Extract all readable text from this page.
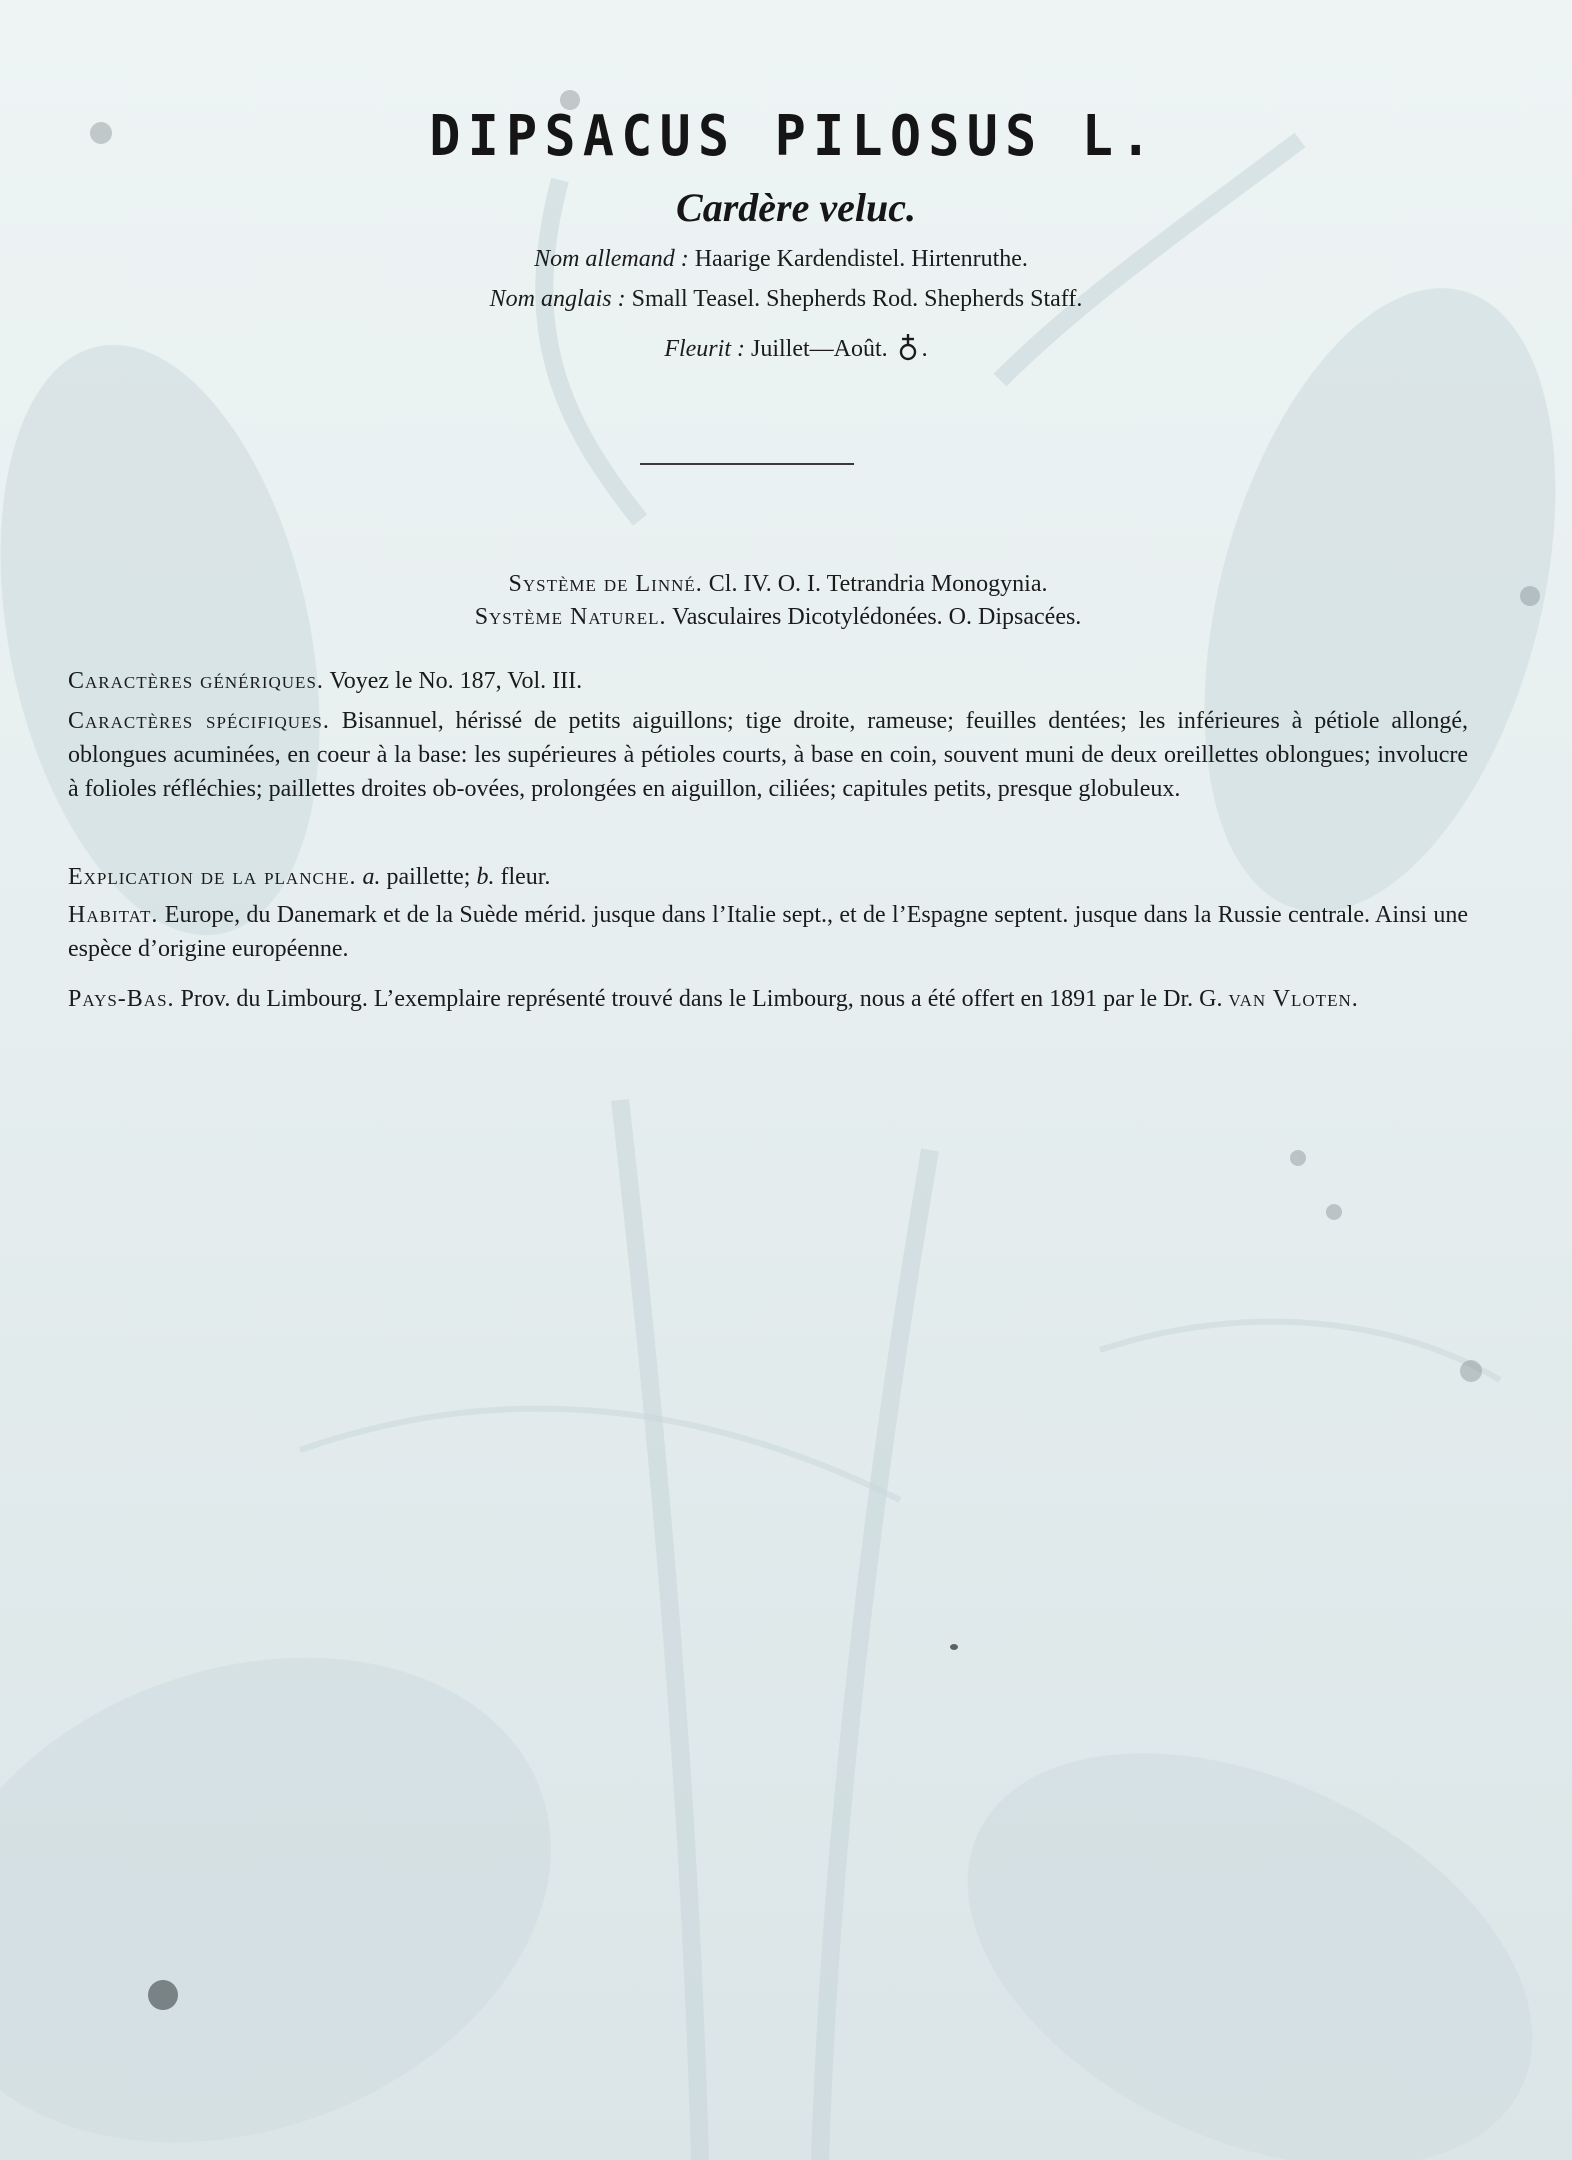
DIPSACUS PILOSUS L.
Cardère veluc.
Nom allemand : Haarige Kardendistel. Hirtenruthe.
Nom anglais : Small Teasel. Shepherds Rod. Shepherds Staff.
Fleurit : Juillet—Août. .
Système de Linné. Cl. IV. O. I. Tetrandria Monogynia.
Système Naturel. Vasculaires Dicotylédonées. O. Dipsacées.
Caractères génériques. Voyez le No. 187, Vol. III.
Caractères spécifiques. Bisannuel, hérissé de petits aiguillons; tige droite, rameuse; feuilles dentées; les inférieures à pétiole allongé, oblongues acuminées, en coeur à la base: les supérieures à pétioles courts, à base en coin, souvent muni de deux oreillettes oblongues; involucre à folioles réfléchies; paillettes droites ob-ovées, prolongées en aiguillon, ciliées; capitules petits, presque globuleux.
Explication de la planche. a. paillette; b. fleur.
Habitat. Europe, du Danemark et de la Suède mérid. jusque dans l’Italie sept., et de l’Espagne septent. jusque dans la Russie centrale. Ainsi une espèce d’origine européenne.
Pays-Bas. Prov. du Limbourg. L’exemplaire représenté trouvé dans le Limbourg, nous a été offert en 1891 par le Dr. G. van Vloten.
